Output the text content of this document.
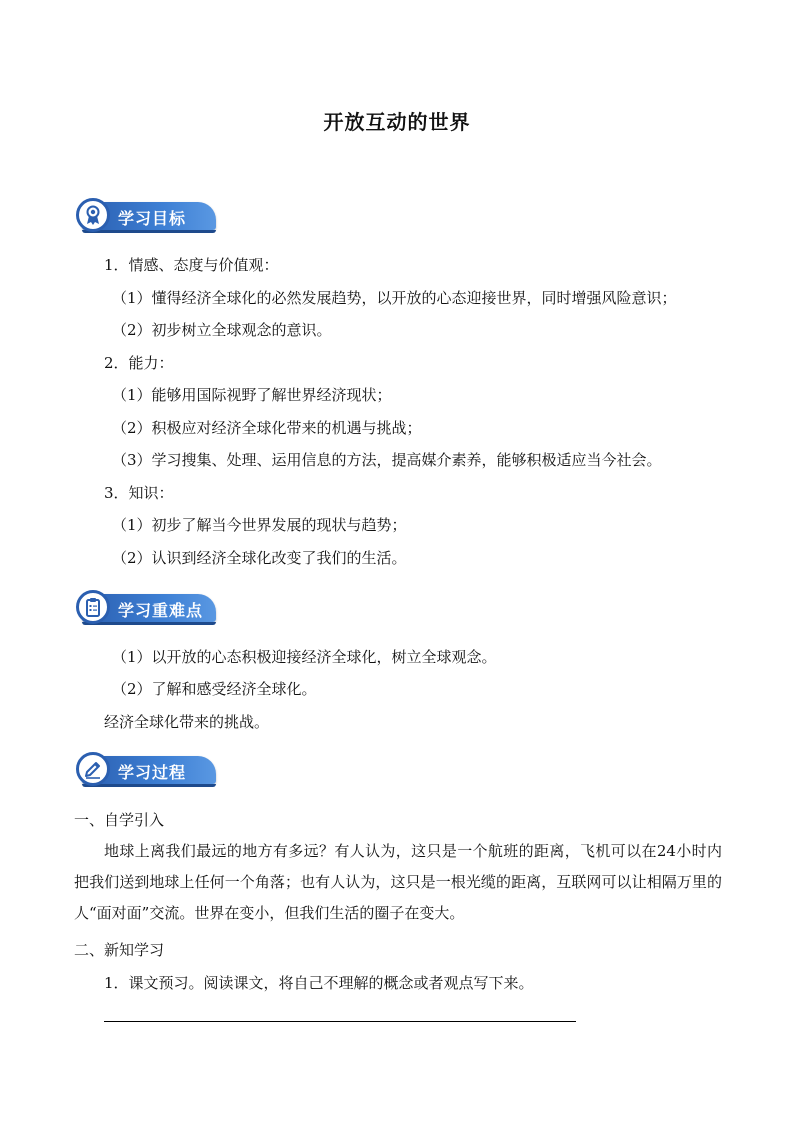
开放互动的世界
学习目标
1．情感、态度与价值观：
（1）懂得经济全球化的必然发展趋势，以开放的心态迎接世界，同时增强风险意识；
（2）初步树立全球观念的意识。
2．能力：
（1）能够用国际视野了解世界经济现状；
（2）积极应对经济全球化带来的机遇与挑战；
（3）学习搜集、处理、运用信息的方法，提高媒介素养，能够积极适应当今社会。
3．知识：
（1）初步了解当今世界发展的现状与趋势；
（2）认识到经济全球化改变了我们的生活。
学习重难点
（1）以开放的心态积极迎接经济全球化，树立全球观念。
（2）了解和感受经济全球化。
经济全球化带来的挑战。
学习过程
一、自学引入
地球上离我们最远的地方有多远？有人认为，这只是一个航班的距离，飞机可以在24小时内把我们送到地球上任何一个角落；也有人认为，这只是一根光缆的距离，互联网可以让相隔万里的人“面对面”交流。世界在变小，但我们生活的圈子在变大。
二、新知学习
1．课文预习。阅读课文，将自己不理解的概念或者观点写下来。
